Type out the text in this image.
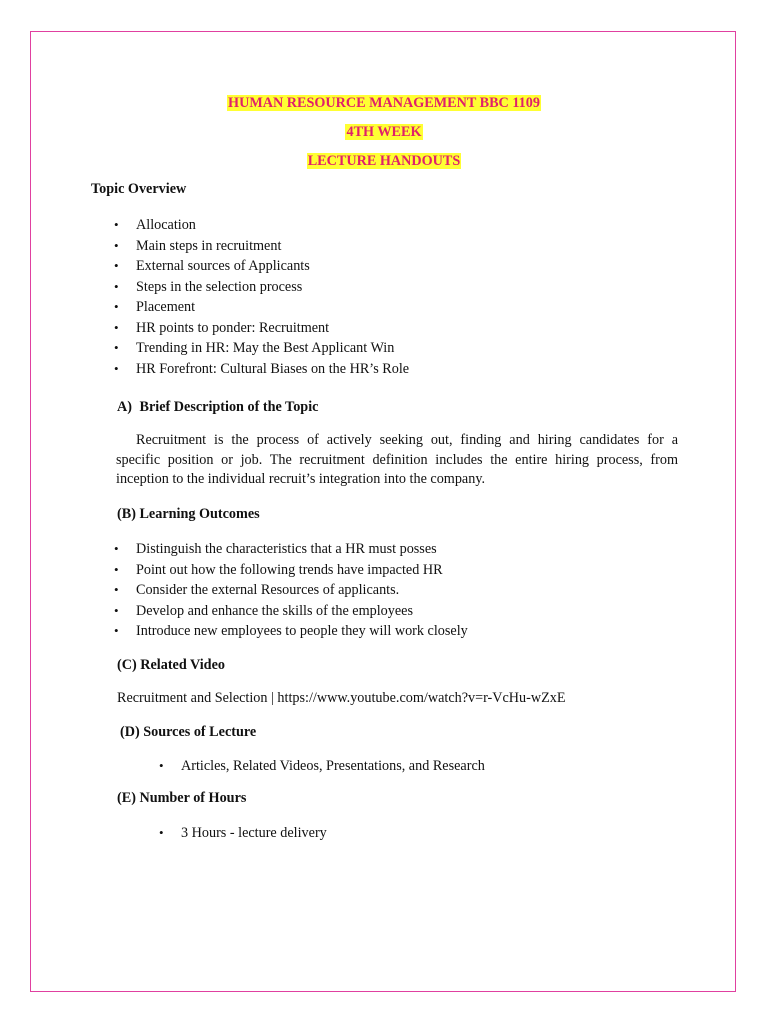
HUMAN RESOURCE MANAGEMENT BBC 1109
4TH WEEK
LECTURE HANDOUTS
Topic Overview
• Allocation
• Main steps in recruitment
• External sources of Applicants
• Steps in the selection process
• Placement
• HR points to ponder: Recruitment
• Trending in HR: May the Best Applicant Win
• HR Forefront: Cultural Biases on the HR’s Role
A) Brief Description of the Topic
Recruitment is the process of actively seeking out, finding and hiring candidates for a
specific position or job. The recruitment definition includes the entire hiring process, from
inception to the individual recruit’s integration into the company.
(B) Learning Outcomes
• Distinguish the characteristics that a HR must posses
• Point out how the following trends have impacted HR
• Consider the external Resources of applicants.
• Develop and enhance the skills of the employees
• Introduce new employees to people they will work closely
(C) Related Video
Recruitment and Selection | https://www.youtube.com/watch?v=r-VcHu-wZxE
(D) Sources of Lecture
• Articles, Related Videos, Presentations, and Research
(E) Number of Hours
• 3 Hours - lecture delivery
